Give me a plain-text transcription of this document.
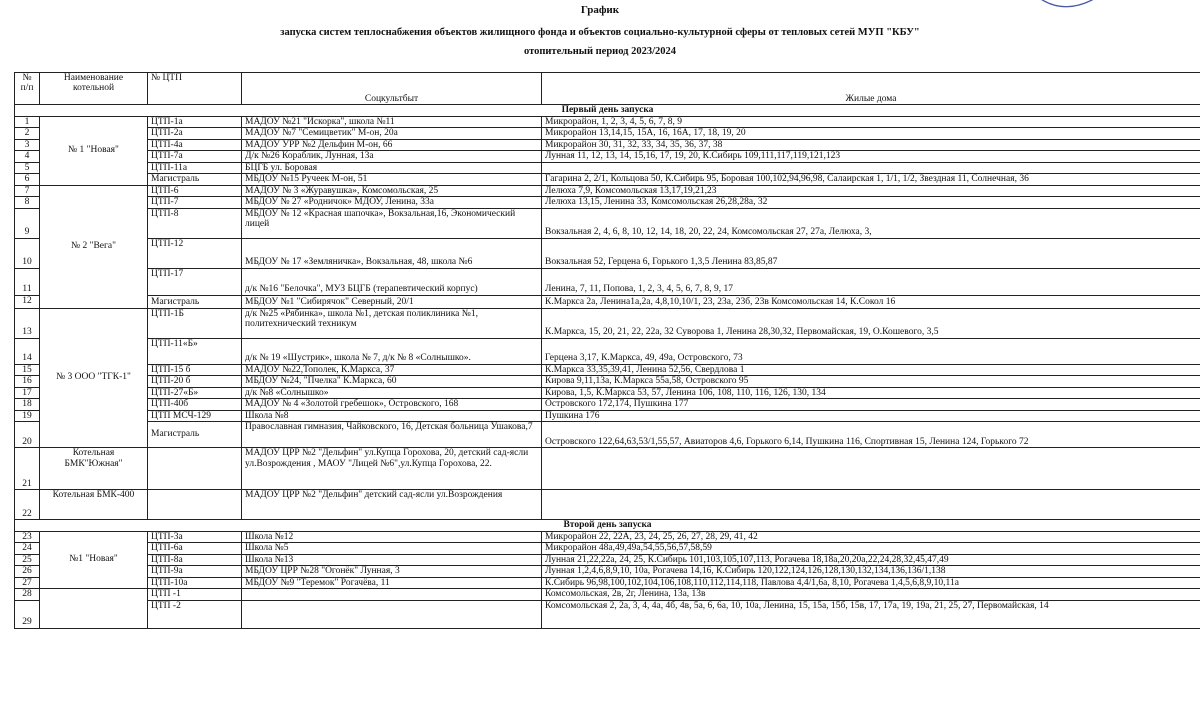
График
запуска систем теплоснабжения объектов жилищного фонда и объектов социально-культурной сферы от тепловых сетей МУП "КБУ"
отопительный период 2023/2024
№ п/п	Наименование котельной	№ ЦТП	Соцкультбыт	Жилые дома
Первый день запуска				
1	№ 1 "Новая"	ЦТП-1а	МАДОУ №21 "Искорка", школа №11	Микрорайон, 1, 2, 3, 4, 5, 6, 7, 8, 9
2		ЦТП-2а	МАДОУ №7 "Семицветик" М-он, 20а	Микрорайон 13,14,15, 15А, 16, 16А, 17, 18, 19, 20
3		ЦТП-4а	МАДОУ УРР №2 Дельфин М-он, 66	Микрорайон 30, 31, 32, 33, 34, 35, 36, 37, 38
4		ЦТП-7а	Д/к №26 Кораблик, Лунная, 13а	Лунная 11, 12, 13, 14, 15,16, 17, 19, 20, К.Сибирь 109,111,117,119,121,123
5		ЦТП-11а	БЦГБ ул. Боровая	
6		Магистраль	МБДОУ №15 Ручеек М-он, 51	Гагарина 2, 2/1, Кольцова 50, К.Сибирь 95, Боровая 100,102,94,96,98, Салаирская 1, 1/1, 1/2, Звездная 11, Солнечная, 36
7	№ 2 "Вега"	ЦТП-6	МАДОУ № 3 «Журавушка», Комсомольская, 25	Лелюха 7,9, Комсомольская 13,17,19,21,23
8		ЦТП-7	МБДОУ № 27 «Родничок» МДОУ, Ленина, 33а	Лелюха 13,15, Ленина 33, Комсомольская 26,28,28а, 32
9		ЦТП-8	МБДОУ № 12 «Красная шапочка», Вокзальная,16, Экономический лицей	Вокзальная 2, 4, 6, 8, 10, 12, 14, 18, 20, 22, 24, Комсомольская 27, 27а, Лелюха, 3,
10		ЦТП-12	МБДОУ № 17 «Земляничка», Вокзальная, 48, школа №6	Вокзальная 52, Герцена 6, Горького 1,3,5 Ленина 83,85,87
11		ЦТП-17	д/к №16 "Белочка", МУЗ БЦГБ (терапевтический корпус)	Ленина, 7, 11, Попова, 1, 2, 3, 4, 5, 6, 7, 8, 9, 17
12		Магистраль	МБДОУ №1 "Сибирячок" Северный, 20/1	К.Маркса 2а, Ленина1а,2а, 4,8,10,10/1, 23, 23а, 23б, 23в Комсомольская 14, К.Сокол 16
13	№ 3 ООО "ТГК-1"	ЦТП-1Б	д/к №25 «Рябинка», школа №1, детская поликлиника №1, политехнический техникум	К.Маркса, 15, 20, 21, 22, 22а, 32 Суворова 1, Ленина 28,30,32, Первомайская, 19, О.Кошевого, 3,5
14		ЦТП-11«Б»	д/к № 19 «Шустрик», школа № 7, д/к № 8 «Солнышко».	Герцена 3,17, К.Маркса, 49, 49а, Островского, 73
15		ЦТП-15 б	МАДОУ №22,Тополек, К.Маркса, 37	К.Маркса 33,35,39,41, Ленина 52,56, Свердлова 1
16		ЦТП-20 б	МБДОУ №24, "Пчелка" К.Маркса, 60	Кирова 9,11,13а, К.Маркса 55а,58, Островского 95
17		ЦТП-27«Б»	д/к №8 «Солнышко»	Кирова, 1,5, К.Маркса 53, 57, Ленина 106, 108, 110, 116, 126, 130, 134
18		ЦТП-40б	МАДОУ № 4 «Золотой гребешок», Островского, 168	Островского 172,174, Пушкина 177
19		ЦТП МСЧ-129	Школа №8	Пушкина 176
20		Магистраль	Православная гимназия, Чайковского, 16, Детская больница Ушакова,7	Островского 122,64,63,53/1,55,57, Авиаторов 4,6, Горького 6,14, Пушкина 116, Спортивная 15, Ленина 124, Горького 72
21	Котельная БМК"Южная"		МАДОУ ЦРР №2 "Дельфин" ул.Купца Горохова, 20, детский сад-ясли ул.Возрождения , МАОУ "Лицей №6",ул.Купца Горохова, 22.	
22	Котельная БМК-400		МАДОУ ЦРР №2 "Дельфин" детский сад-ясли ул.Возрождения	
Второй день запуска				
23	№1 "Новая"	ЦТП-3а	Школа №12	Микрорайон 22, 22А, 23, 24, 25, 26, 27, 28, 29, 41, 42
24		ЦТП-6а	Школа №5	Микрорайон 48а,49,49а,54,55,56,57,58,59
25		ЦТП-8а	Школа №13	Лунная 21,22,22а, 24, 25, К.Сибирь 101,103,105,107,113, Рогачева 18,18а,20,20а,22,24,28,32,45,47,49
26		ЦТП-9а	МБДОУ ЦРР №28 "Огонёк" Лунная, 3	Лунная 1,2,4,6,8,9,10, 10а, Рогачева 14,16, К.Сибирь 120,122,124,126,128,130,132,134,136,136/1,138
27		ЦТП-10а	МБДОУ №9 "Теремок" Рогачёва, 11	К.Сибирь 96,98,100,102,104,106,108,110,112,114,118, Павлова 4,4/1,6а, 8,10, Рогачева 1,4,5,6,8,9,10,11а
28		ЦТП -1		Комсомольская, 2в, 2г, Ленина, 13а, 13в
29		ЦТП -2		Комсомольская 2, 2а, 3, 4, 4а, 4б, 4в, 5а, 6, 6а, 10, 10а, Ленина, 15, 15а, 15б, 15в, 17, 17а, 19, 19а, 21, 25, 27, Первомайская, 14
